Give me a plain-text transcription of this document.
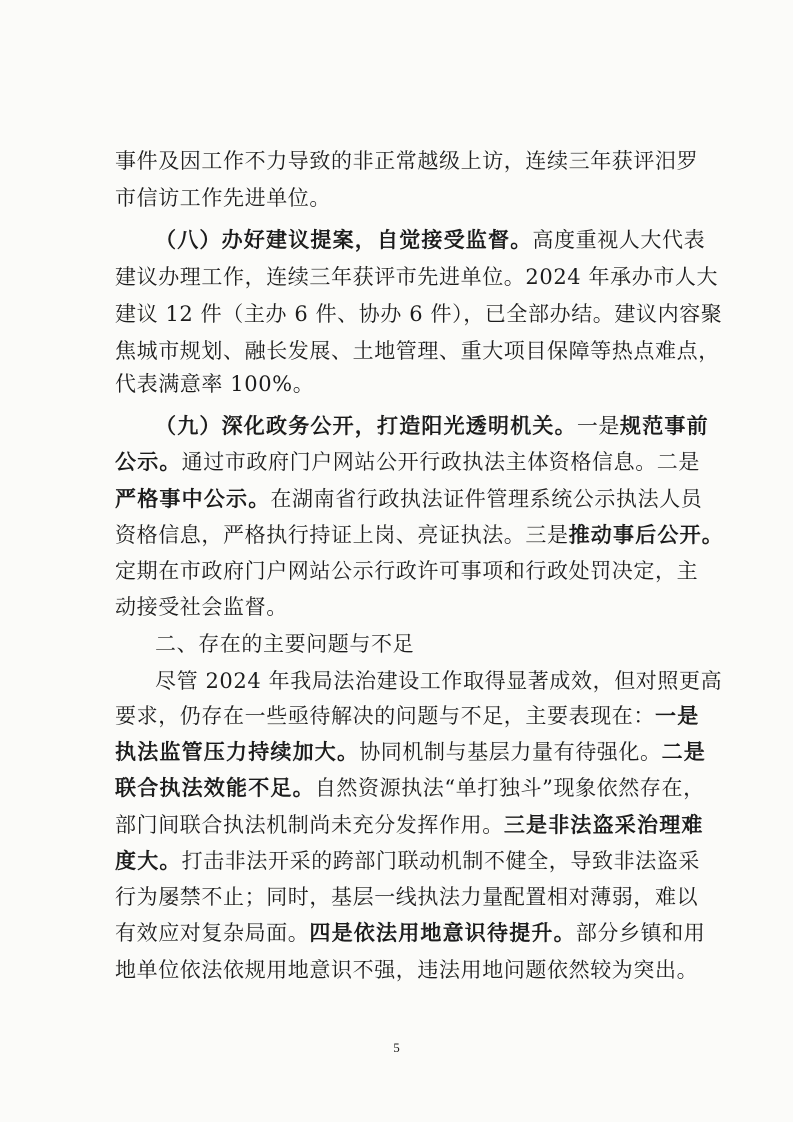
事件及因工作不力导致的非正常越级上访，连续三年获评汨罗
市信访工作先进单位。
（八）办好建议提案，自觉接受监督。高度重视人大代表
建议办理工作，连续三年获评市先进单位。2024 年承办市人大
建议 12 件（主办 6 件、协办 6 件），已全部办结。建议内容聚
焦城市规划、融长发展、土地管理、重大项目保障等热点难点，
代表满意率 100%。
（九）深化政务公开，打造阳光透明机关。一是规范事前
公示。通过市政府门户网站公开行政执法主体资格信息。二是
严格事中公示。在湖南省行政执法证件管理系统公示执法人员
资格信息，严格执行持证上岗、亮证执法。三是推动事后公开。
定期在市政府门户网站公示行政许可事项和行政处罚决定，主
动接受社会监督。
二、存在的主要问题与不足
尽管 2024 年我局法治建设工作取得显著成效，但对照更高
要求，仍存在一些亟待解决的问题与不足，主要表现在：一是
执法监管压力持续加大。协同机制与基层力量有待强化。二是
联合执法效能不足。自然资源执法“单打独斗”现象依然存在，
部门间联合执法机制尚未充分发挥作用。三是非法盗采治理难
度大。打击非法开采的跨部门联动机制不健全，导致非法盗采
行为屡禁不止；同时，基层一线执法力量配置相对薄弱，难以
有效应对复杂局面。四是依法用地意识待提升。部分乡镇和用
地单位依法依规用地意识不强，违法用地问题依然较为突出。
5
